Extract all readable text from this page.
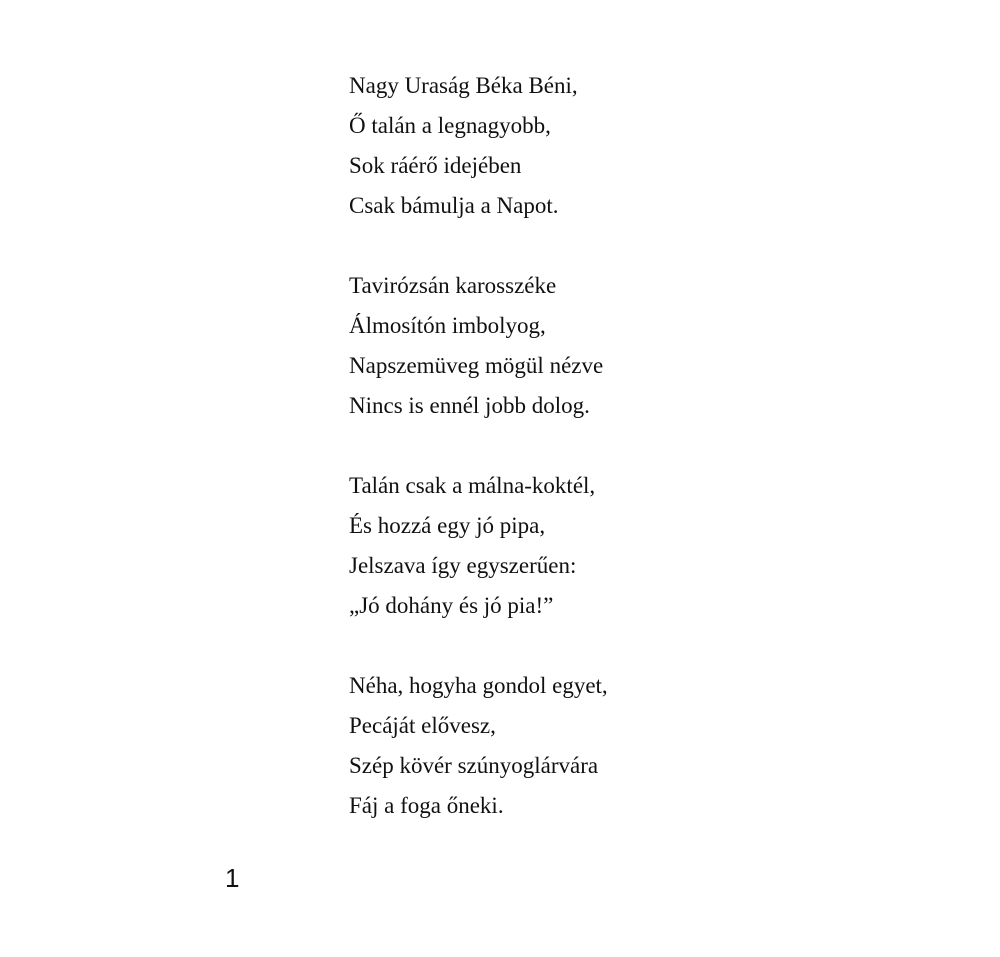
Nagy Uraság Béka Béni,
Ő talán a legnagyobb,
Sok ráérő idejében
Csak bámulja a Napot.
Tavirózsán karosszéke
Álmosítón imbolyog,
Napszemüveg mögül nézve
Nincs is ennél jobb dolog.
Talán csak a málna-koktél,
És hozzá egy jó pipa,
Jelszava így egyszerűen:
„Jó dohány és jó pia!”
Néha, hogyha gondol egyet,
Pecáját elővesz,
Szép kövér szúnyoglárvára
Fáj a foga őneki.
1
